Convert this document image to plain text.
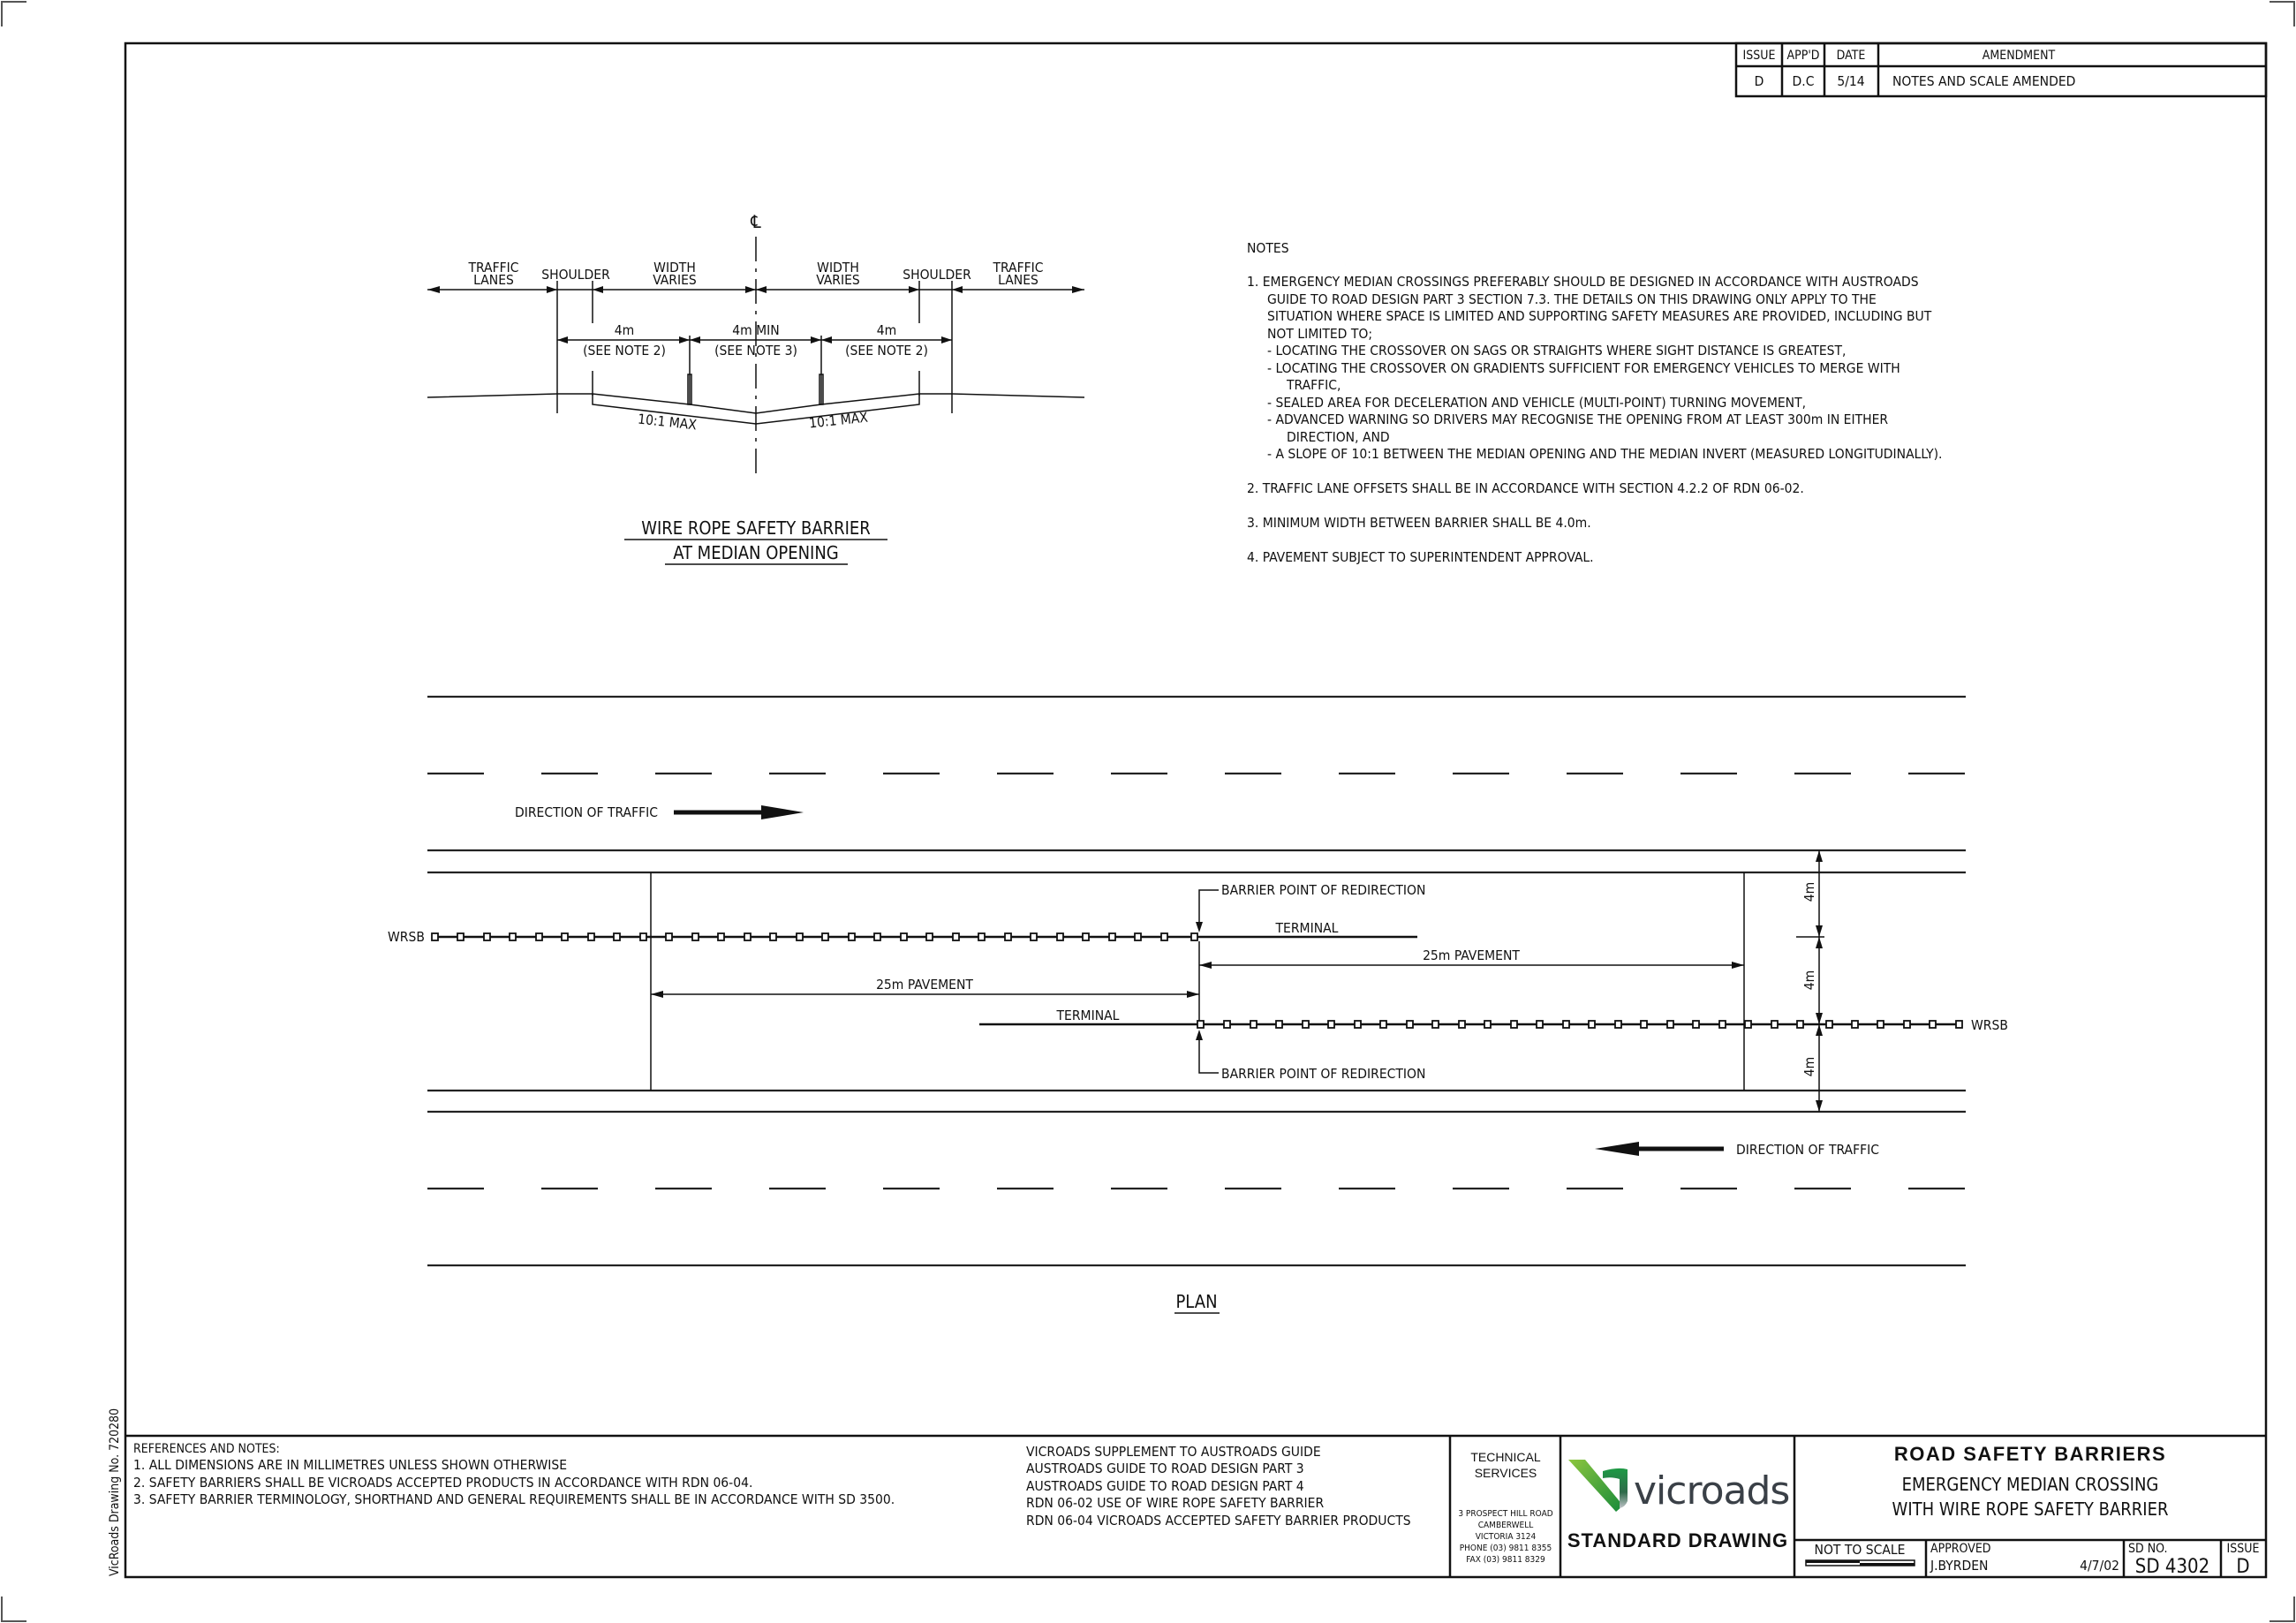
ISSUE APP'D DATE	AMENDMENT
D D.C 5/14 NOTES AND SCALE AMENDED
℄
TRAFFIC
LANES SHOULDER	WIDTH
VARIES
WIDTH
VARIES	SHOULDER TRAFFIC
LANES
4m
(SEE NOTE 2)
4m MIN
(SEE NOTE 3)
4m
(SEE NOTE 2)
10:1 MAX	10:1 MAX
WIRE ROPE SAFETY BARRIER
AT MEDIAN OPENING
NOTES
1. EMERGENCY MEDIAN CROSSINGS PREFERABLY SHOULD BE DESIGNED IN ACCORDANCE WITH AUSTROADS
GUIDE TO ROAD DESIGN PART 3 SECTION 7.3. THE DETAILS ON THIS DRAWING ONLY APPLY TO THE
SITUATION WHERE SPACE IS LIMITED AND SUPPORTING SAFETY MEASURES ARE PROVIDED, INCLUDING BUT
NOT LIMITED TO;
- LOCATING THE CROSSOVER ON SAGS OR STRAIGHTS WHERE SIGHT DISTANCE IS GREATEST,
- LOCATING THE CROSSOVER ON GRADIENTS SUFFICIENT FOR EMERGENCY VEHICLES TO MERGE WITH
TRAFFIC,
- SEALED AREA FOR DECELERATION AND VEHICLE (MULTI-POINT) TURNING MOVEMENT,
- ADVANCED WARNING SO DRIVERS MAY RECOGNISE THE OPENING FROM AT LEAST 300m IN EITHER
DIRECTION, AND
- A SLOPE OF 10:1 BETWEEN THE MEDIAN OPENING AND THE MEDIAN INVERT (MEASURED LONGITUDINALLY).
2. TRAFFIC LANE OFFSETS SHALL BE IN ACCORDANCE WITH SECTION 4.2.2 OF RDN 06-02.
3. MINIMUM WIDTH BETWEEN BARRIER SHALL BE 4.0m.
4. PAVEMENT SUBJECT TO SUPERINTENDENT APPROVAL.
DIRECTION OF TRAFFIC
DIRECTION OF TRAFFIC
WRSB
TERMINAL
BARRIER POINT OF REDIRECTION
25m PAVEMENT
25m PAVEMENT
TERMINAL
WRSB
BARRIER POINT OF REDIRECTION
4m
4m
4m
PLAN
VicRoads Drawing No. 720280 REFERENCES AND NOTES:
1. ALL DIMENSIONS ARE IN MILLIMETRES UNLESS SHOWN OTHERWISE
2. SAFETY BARRIERS SHALL BE VICROADS ACCEPTED PRODUCTS IN ACCORDANCE WITH RDN 06-04.
3. SAFETY BARRIER TERMINOLOGY, SHORTHAND AND GENERAL REQUIREMENTS SHALL BE IN ACCORDANCE WITH SD 3500.
VICROADS SUPPLEMENT TO AUSTROADS GUIDE
AUSTROADS GUIDE TO ROAD DESIGN PART 3
AUSTROADS GUIDE TO ROAD DESIGN PART 4
RDN 06-02 USE OF WIRE ROPE SAFETY BARRIER
RDN 06-04 VICROADS ACCEPTED SAFETY BARRIER PRODUCTS
TECHNICAL
SERVICES
3 PROSPECT HILL ROAD
CAMBERWELL
VICTORIA 3124
PHONE (03) 9811 8355
FAX (03) 9811 8329
vicroads
STANDARD DRAWING
ROAD SAFETY BARRIERS
EMERGENCY MEDIAN CROSSING
WITH WIRE ROPE SAFETY BARRIER
NOT TO SCALE APPROVED
J.BYRDEN	4/7/02
SD NO.
SD 4302
ISSUE
D
